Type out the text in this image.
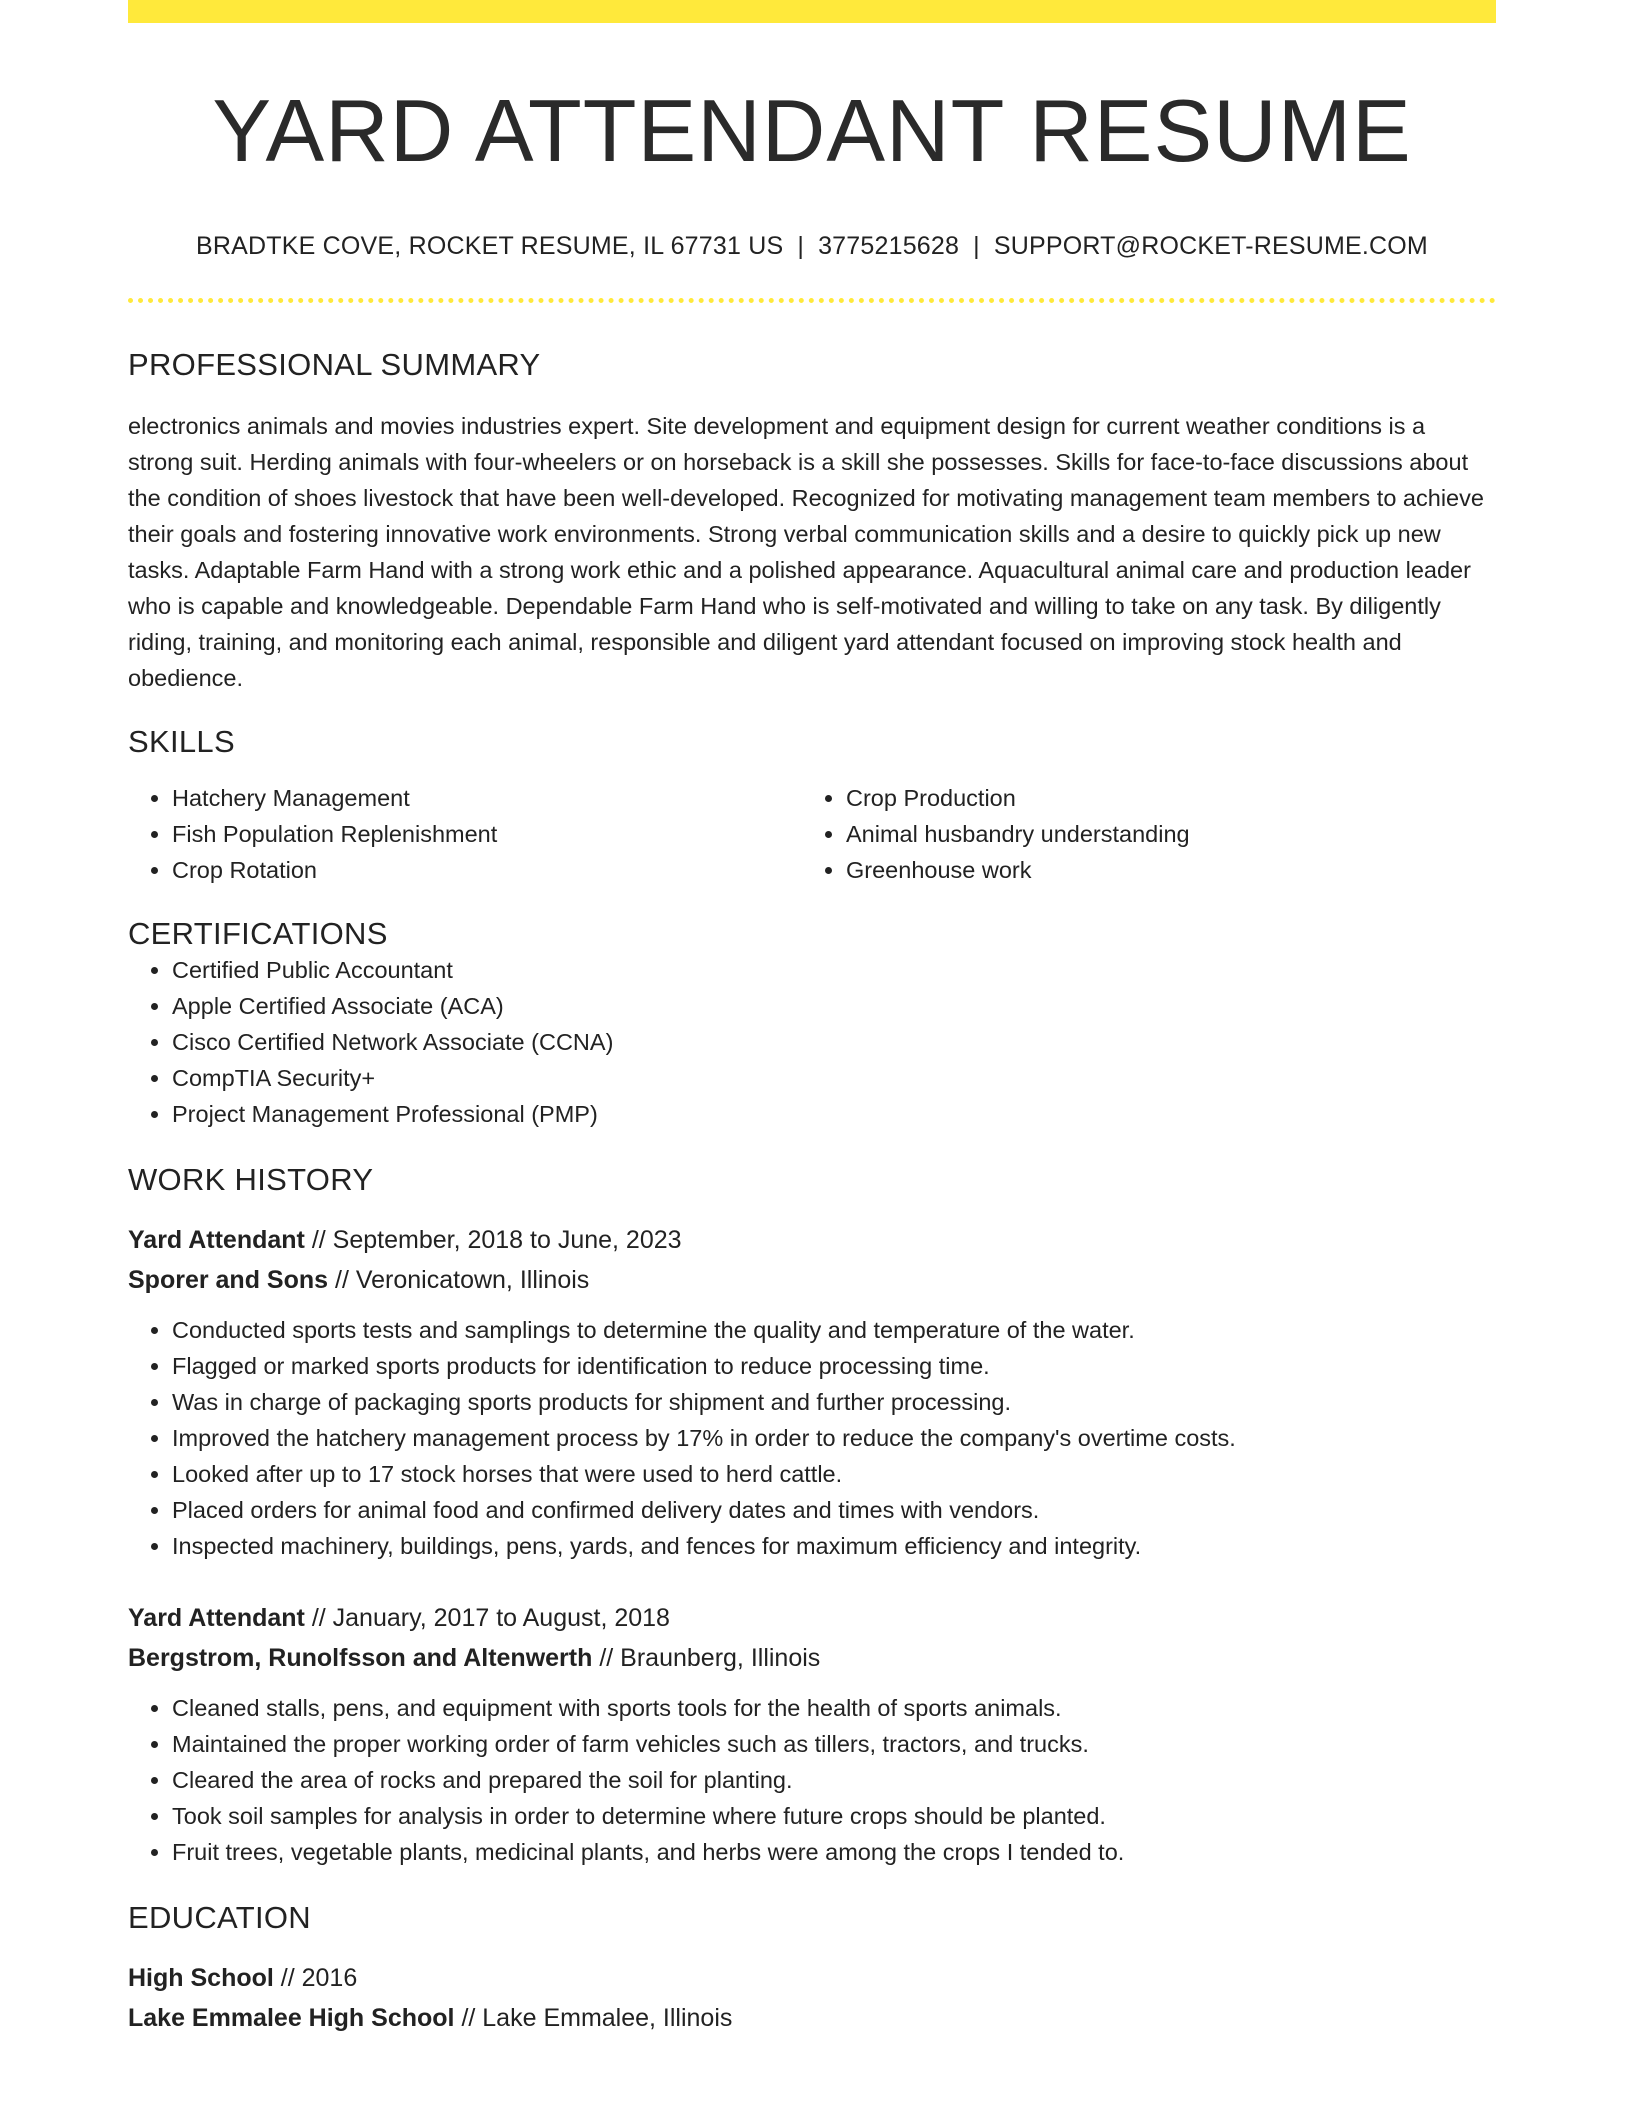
YARD ATTENDANT RESUME
BRADTKE COVE, ROCKET RESUME, IL 67731 US | 3775215628 | SUPPORT@ROCKET-RESUME.COM
PROFESSIONAL SUMMARY
electronics animals and movies industries expert. Site development and equipment design for current weather conditions is a strong suit. Herding animals with four-wheelers or on horseback is a skill she possesses. Skills for face-to-face discussions about the condition of shoes livestock that have been well-developed. Recognized for motivating management team members to achieve their goals and fostering innovative work environments. Strong verbal communication skills and a desire to quickly pick up new tasks. Adaptable Farm Hand with a strong work ethic and a polished appearance. Aquacultural animal care and production leader who is capable and knowledgeable. Dependable Farm Hand who is self-motivated and willing to take on any task. By diligently riding, training, and monitoring each animal, responsible and diligent yard attendant focused on improving stock health and obedience.
SKILLS
• Hatchery Management
• Fish Population Replenishment
• Crop Rotation
• Crop Production
• Animal husbandry understanding
• Greenhouse work
CERTIFICATIONS
• Certified Public Accountant
• Apple Certified Associate (ACA)
• Cisco Certified Network Associate (CCNA)
• CompTIA Security+
• Project Management Professional (PMP)
WORK HISTORY
Yard Attendant // September, 2018 to June, 2023
Sporer and Sons // Veronicatown, Illinois
• Conducted sports tests and samplings to determine the quality and temperature of the water.
• Flagged or marked sports products for identification to reduce processing time.
• Was in charge of packaging sports products for shipment and further processing.
• Improved the hatchery management process by 17% in order to reduce the company's overtime costs.
• Looked after up to 17 stock horses that were used to herd cattle.
• Placed orders for animal food and confirmed delivery dates and times with vendors.
• Inspected machinery, buildings, pens, yards, and fences for maximum efficiency and integrity.
Yard Attendant // January, 2017 to August, 2018
Bergstrom, Runolfsson and Altenwerth // Braunberg, Illinois
• Cleaned stalls, pens, and equipment with sports tools for the health of sports animals.
• Maintained the proper working order of farm vehicles such as tillers, tractors, and trucks.
• Cleared the area of rocks and prepared the soil for planting.
• Took soil samples for analysis in order to determine where future crops should be planted.
• Fruit trees, vegetable plants, medicinal plants, and herbs were among the crops I tended to.
EDUCATION
High School // 2016
Lake Emmalee High School // Lake Emmalee, Illinois
